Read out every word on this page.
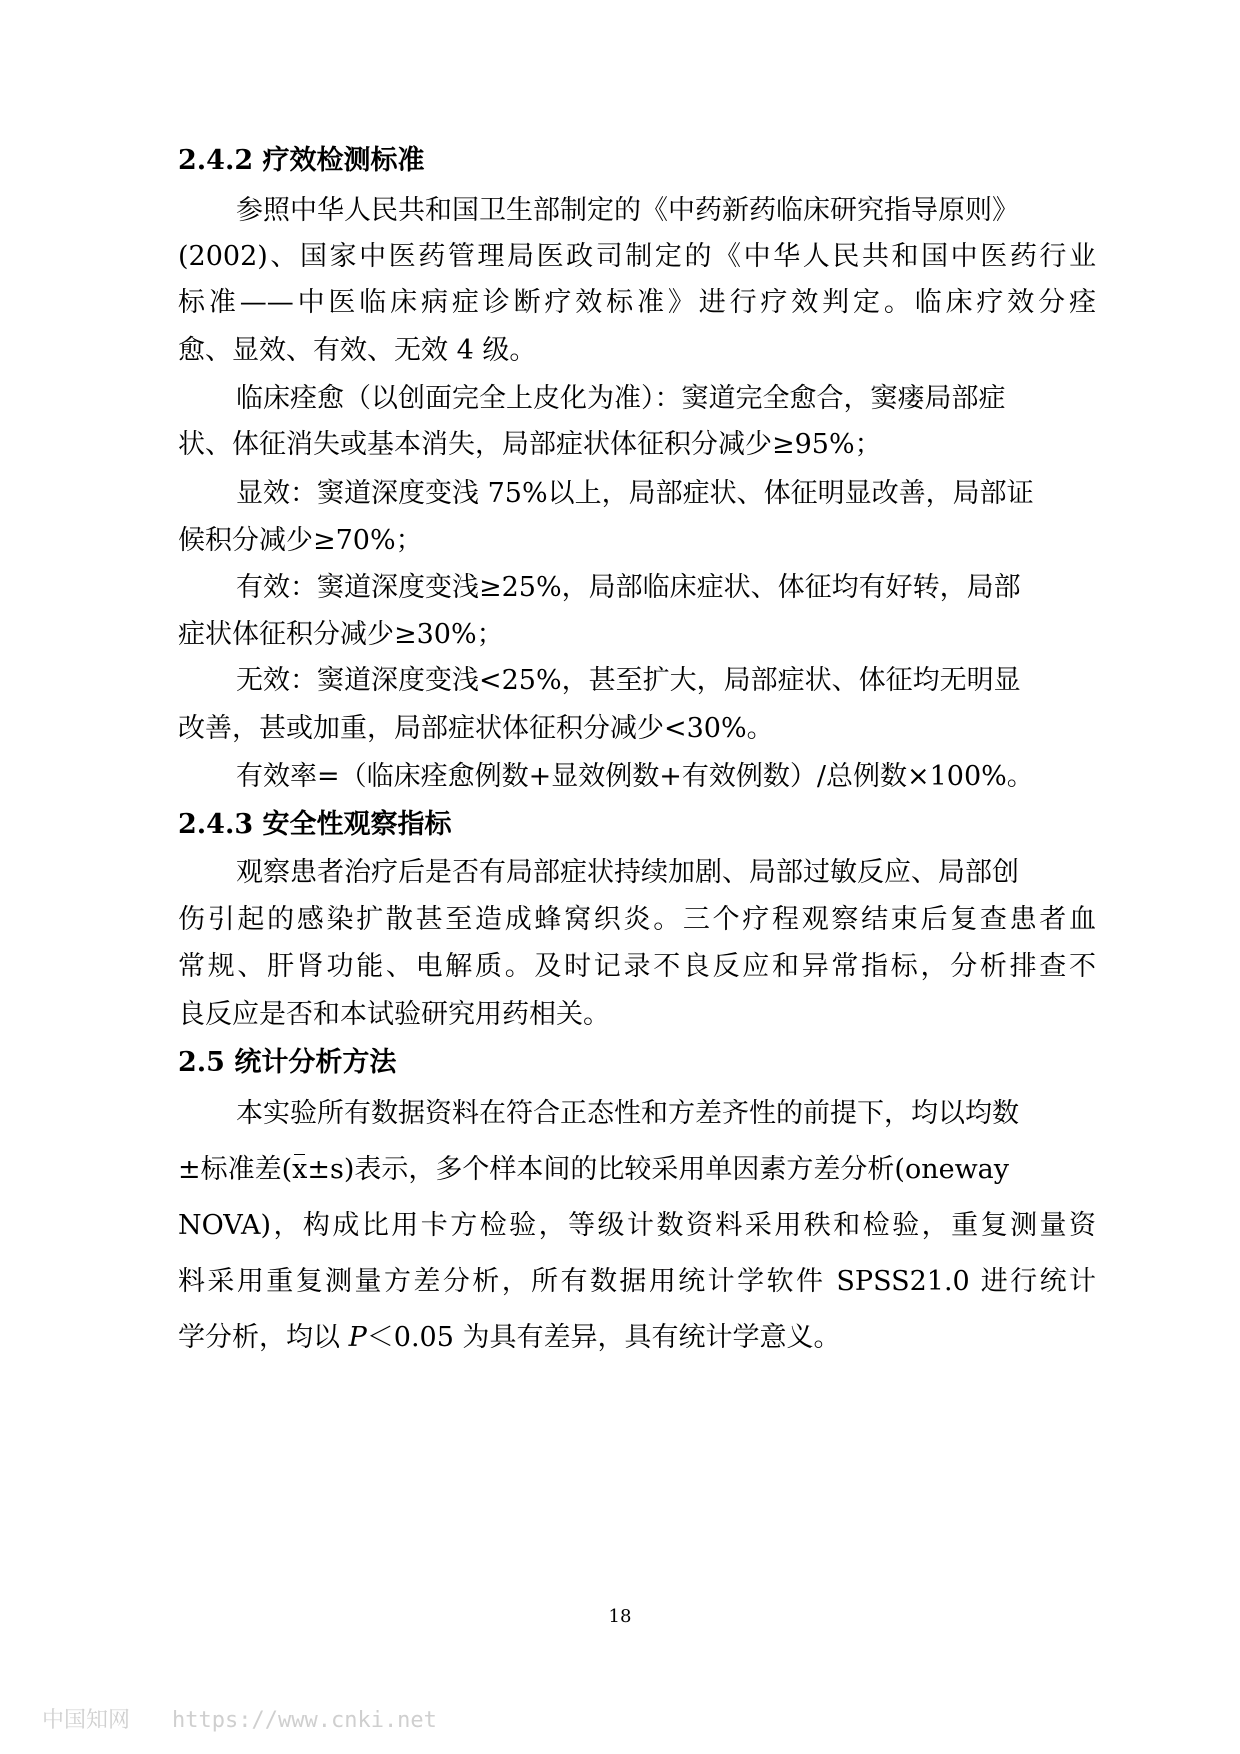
2.4.2 疗效检测标准

参照中华人民共和国卫生部制定的《中药新药临床研究指导原则》

(2002)、国家中医药管理局医政司制定的《中华人民共和国中医药行业

标准——中医临床病症诊断疗效标准》进行疗效判定。临床疗效分痊

愈、显效、有效、无效 4 级。

临床痊愈（以创面完全上皮化为准）：窦道完全愈合，窦瘘局部症

状、体征消失或基本消失，局部症状体征积分减少≥95%；

显效：窦道深度变浅 75%以上，局部症状、体征明显改善，局部证

候积分减少≥70%；

有效：窦道深度变浅≥25%，局部临床症状、体征均有好转，局部

症状体征积分减少≥30%；

无效：窦道深度变浅<25%，甚至扩大，局部症状、体征均无明显

改善，甚或加重，局部症状体征积分减少<30%。

有效率=（临床痊愈例数+显效例数+有效例数）/总例数×100%。

2.4.3 安全性观察指标

观察患者治疗后是否有局部症状持续加剧、局部过敏反应、局部创

伤引起的感染扩散甚至造成蜂窝织炎。三个疗程观察结束后复查患者血

常规、肝肾功能、电解质。及时记录不良反应和异常指标，分析排查不

良反应是否和本试验研究用药相关。

2.5 统计分析方法

本实验所有数据资料在符合正态性和方差齐性的前提下，均以均数

±标准差(x±s)表示，多个样本间的比较采用单因素方差分析(oneway

NOVA)，构成比用卡方检验，等级计数资料采用秩和检验，重复测量资

料采用重复测量方差分析，所有数据用统计学软件 SPSS21.0 进行统计

学分析，均以 P＜0.05 为具有差异，具有统计学意义。

18
中国知网 https://www.cnki.net
